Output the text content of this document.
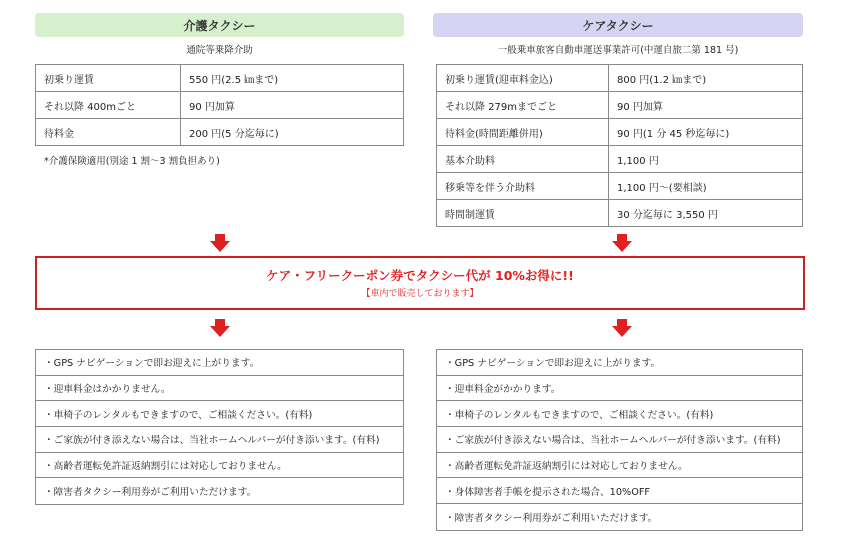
介護タクシー
通院等乗降介助
初乗り運賃	550 円(2.5 ㎞まで)
それ以降 400mごと	90 円加算
待料金	200 円(5 分迄毎に)
*介護保険適用(別途 1 割～3 割負担あり)
ケアタクシー
一般乗車旅客自動車運送事業許可(中運自旅二第 181 号)
初乗り運賃(迎車料金込)	800 円(1.2 ㎞まで)
それ以降 279mまでごと	90 円加算
待料金(時間距離併用)	90 円(1 分 45 秒迄毎に)
基本介助料	1,100 円
移乗等を伴う介助料	1,100 円～(要相談)
時間制運賃	30 分迄毎に 3,550 円
ケア・フリークーポン券でタクシー代が 10%お得に!!
【車内で販売しております】
・GPS ナビゲーションで即お迎えに上がります。
・迎車料金はかかりません。
・車椅子のレンタルもできますので、ご相談ください。(有料)
・ご家族が付き添えない場合は、当社ホームヘルパーが付き添います。(有料)
・高齢者運転免許証返納割引には対応しておりません。
・障害者タクシー利用券がご利用いただけます。
・GPS ナビゲーションで即お迎えに上がります。
・迎車料金がかかります。
・車椅子のレンタルもできますので、ご相談ください。(有料)
・ご家族が付き添えない場合は、当社ホームヘルパーが付き添います。(有料)
・高齢者運転免許証返納割引には対応しておりません。
・身体障害者手帳を提示された場合、10%OFF
・障害者タクシー利用券がご利用いただけます。
